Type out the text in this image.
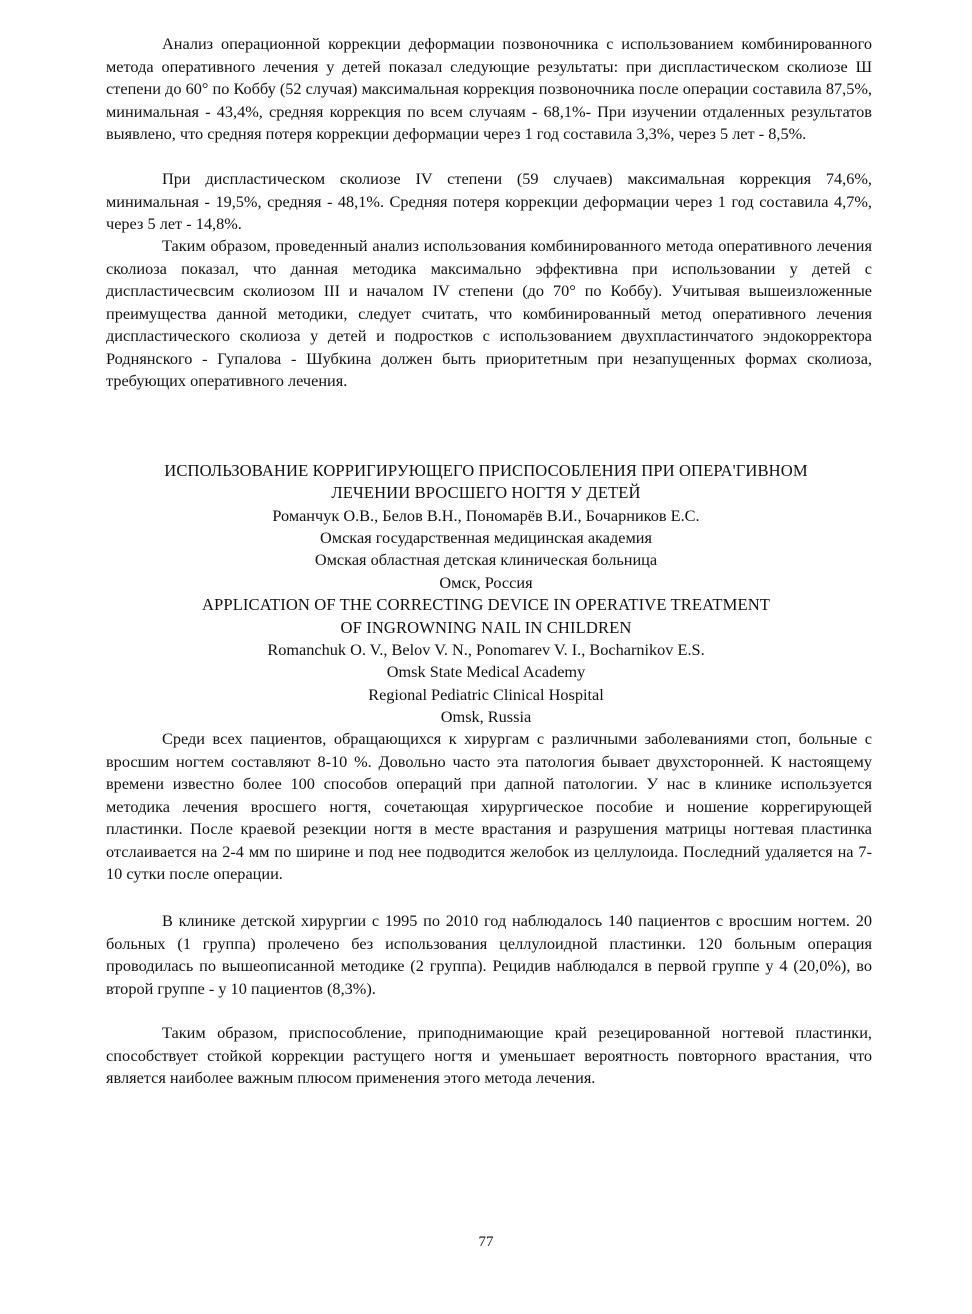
Анализ операционной коррекции деформации позвоночника с использованием комбинированного метода оперативного лечения у детей показал следующие результаты: при диспластическом сколиозе Ш степени до 60° по Коббу (52 случая) максимальная коррекция позвоночника после операции составила 87,5%, минимальная - 43,4%, средняя коррекция по всем случаям - 68,1%- При изучении отдаленных результатов выявлено, что средняя потеря коррекции деформации через 1 год составила 3,3%, через 5 лет - 8,5%.

При диспластическом сколиозе IV степени (59 случаев) максимальная коррекция 74,6%, минимальная - 19,5%, средняя - 48,1%. Средняя потеря коррекции деформации через 1 год составила 4,7%, через 5 лет - 14,8%.

Таким образом, проведенный анализ использования комбинированного метода оперативного лечения сколиоза показал, что данная методика максимально эффективна при использовании у детей с диспластичесвсим сколиозом III и началом IV степени (до 70° по Коббу). Учитывая вышеизложенные преимущества данной методики, следует считать, что комбинированный метод оперативного лечения диспластического сколиоза у детей и подростков с использованием двухпластинчатого эндокорректора Роднянского - Гупалова - Шубкина должен быть приоритетным при незапущенных формах сколиоза, требующих оперативного лечения.

ИСПОЛЬЗОВАНИЕ КОРРИГИРУЮЩЕГО ПРИСПОСОБЛЕНИЯ ПРИ ОПЕРА'ГИВНОМ
ЛЕЧЕНИИ ВРОСШЕГО НОГТЯ У ДЕТЕЙ
Романчук О.В., Белов В.Н., Пономарёв В.И., Бочарников Е.С.
Омская государственная медицинская академия
Омская областная детская клиническая больница
Омск, Россия
APPLICATION OF THE CORRECTING DEVICE IN OPERATIVE TREATMENT
OF INGROWNING NAIL IN CHILDREN
Romanchuk O. V., Belov V. N., Ponomarev V. I., Bocharnikov E.S.
Omsk State Medical Academy
Regional Pediatric Clinical Hospital
Omsk, Russia

Среди всех пациентов, обращающихся к хирургам с различными заболеваниями стоп, больные с вросшим ногтем составляют 8-10 %. Довольно часто эта патология бывает двухсторонней. К настоящему времени известно более 100 способов операций при дапной патологии. У нас в клинике используется методика лечения вросшего ногтя, сочетающая хирургическое пособие и ношение коррегирующей пластинки. После краевой резекции ногтя в месте врастания и разрушения матрицы ногтевая пластинка отслаивается на 2-4 мм по ширине и под нее подводится желобок из целлулоида. Последний удаляется на 7-10 сутки после операции.

В клинике детской хирургии с 1995 по 2010 год наблюдалось 140 пациентов с вросшим ногтем. 20 больных (1 группа) пролечено без использования целлулоидной пластинки. 120 больным операция проводилась по вышеописанной методике (2 группа). Рецидив наблюдался в первой группе у 4 (20,0%), во второй группе - у 10 пациентов (8,3%).

Таким образом, приспособление, приподнимающие край резецированной ногтевой пластинки, способствует стойкой коррекции растущего ногтя и уменьшает вероятность повторного врастания, что является наиболее важным плюсом применения этого метода лечения.

77
